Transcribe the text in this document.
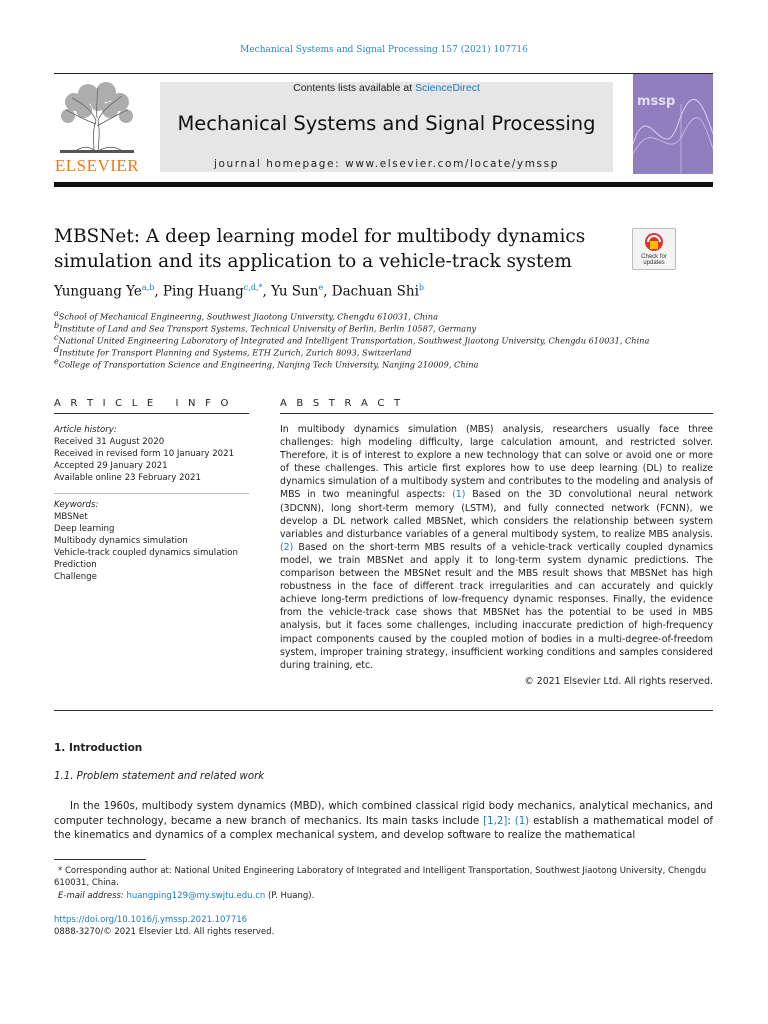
Mechanical Systems and Signal Processing 157 (2021) 107716
ELSEVIER
Contents lists available at ScienceDirect
Mechanical Systems and Signal Processing
journal homepage: www.elsevier.com/locate/ymssp
mssp
MBSNet: A deep learning model for multibody dynamics simulation and its application to a vehicle-track system	Check for
updates
Yunguang Ye$^{a,b}$, Ping Huang$^{c,d,*}$, Yu Sun$^e$, Dachuan Shi$^b$
$^a$School of Mechanical Engineering, Southwest Jiaotong University, Chengdu 610031, China
$^b$Institute of Land and Sea Transport Systems, Technical University of Berlin, Berlin 10587, Germany
$^c$National United Engineering Laboratory of Integrated and Intelligent Transportation, Southwest Jiaotong University, Chengdu 610031, China
$^d$Institute for Transport Planning and Systems, ETH Zurich, Zurich 8093, Switzerland
$^e$College of Transportation Science and Engineering, Nanjing Tech University, Nanjing 210009, China
A R T I C L E   I N F O
Article history:
Received 31 August 2020
Received in revised form 10 January 2021
Accepted 29 January 2021
Available online 23 February 2021
Keywords:
MBSNet
Deep learning
Multibody dynamics simulation
Vehicle-track coupled dynamics simulation
Prediction
Challenge
A B S T R A C T
In multibody dynamics simulation (MBS) analysis, researchers usually face three challenges: high modeling difficulty, large calculation amount, and restricted solver. Therefore, it is of interest to explore a new technology that can solve or avoid one or more of these challenges. This article first explores how to use deep learning (DL) to realize dynamics simulation of a multibody system and contributes to the modeling and analysis of MBS in two meaningful aspects: (1) Based on the 3D convolutional neural network (3DCNN), long short-term memory (LSTM), and fully connected network (FCNN), we develop a DL network called MBSNet, which considers the relationship between system variables and disturbance variables of a general multibody system, to realize MBS analysis. (2) Based on the short-term MBS results of a vehicle-track vertically coupled dynamics model, we train MBSNet and apply it to long-term system dynamic predictions. The comparison between the MBSNet result and the MBS result shows that MBSNet has high robustness in the face of different track irregularities and can accurately and quickly achieve long-term predictions of low-frequency dynamic responses. Finally, the evidence from the vehicle-track case shows that MBSNet has the potential to be used in MBS analysis, but it faces some challenges, including inaccurate prediction of high-frequency impact components caused by the coupled motion of bodies in a multi-degree-of-freedom system, improper training strategy, insufficient working conditions and samples considered during training, etc.
© 2021 Elsevier Ltd. All rights reserved.
1. Introduction
1.1. Problem statement and related work
In the 1960s, multibody system dynamics (MBD), which combined classical rigid body mechanics, analytical mechanics, and computer technology, became a new branch of mechanics. Its main tasks include [1,2]: (1) establish a mathematical model of the kinematics and dynamics of a complex mechanical system, and develop software to realize the mathematical
* Corresponding author at: National United Engineering Laboratory of Integrated and Intelligent Transportation, Southwest Jiaotong University, Chengdu 610031, China.
E-mail address: huangping129@my.swjtu.edu.cn (P. Huang).
https://doi.org/10.1016/j.ymssp.2021.107716
0888-3270/© 2021 Elsevier Ltd. All rights reserved.
